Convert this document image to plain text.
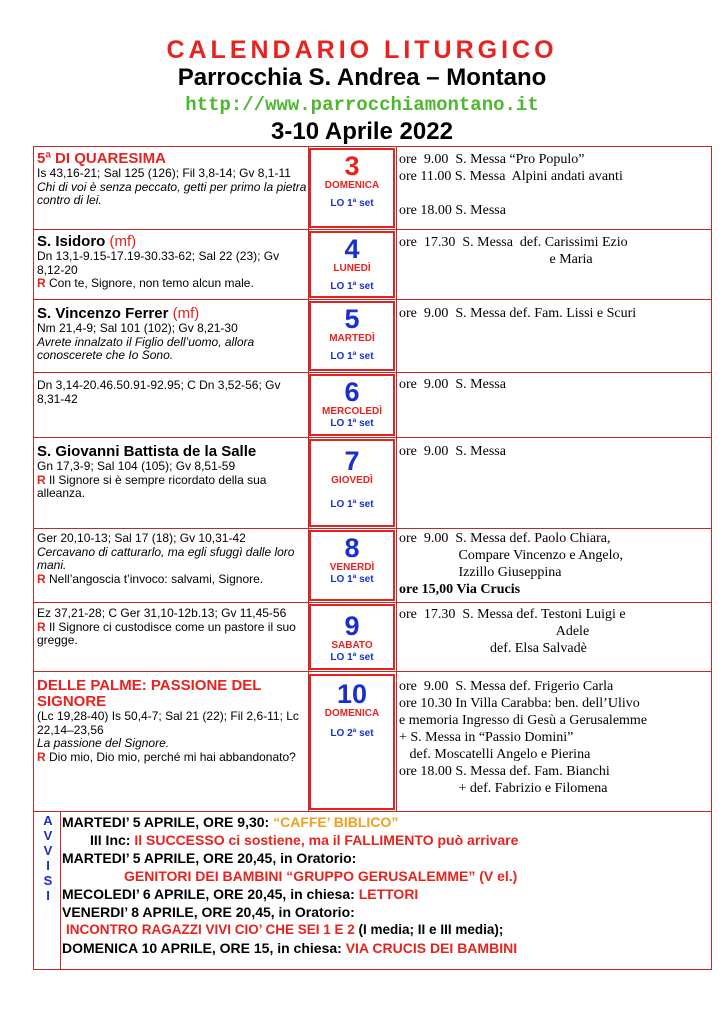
CALENDARIO LITURGICO
Parrocchia S. Andrea – Montano
http://www.parrocchiamontano.it
3-10 Aprile 2022
5ª DI QUARESIMA
Is 43,16-21; Sal 125 (126); Fil 3,8-14; Gv 8,1-11
Chi di voi è senza peccato, getti per primo la pietra contro di lei.
3
DOMENICA
LO 1ª set
ore  9.00  S. Messa “Pro Populo”
ore 11.00 S. Messa  Alpini andati avanti
ore 18.00 S. Messa
S. Isidoro (mf)
Dn 13,1-9.15-17.19-30.33-62; Sal 22 (23); Gv 8,12-20
R Con te, Signore, non temo alcun male.
4
LUNEDÌ
LO 1ª set
ore  17.30  S. Messa  def. Carissimi Ezio
e Maria
S. Vincenzo Ferrer (mf)
Nm 21,4-9; Sal 101 (102); Gv 8,21-30
Avrete innalzato il Figlio dell’uomo, allora conoscerete che Io Sono.
5
MARTEDÌ
LO 1ª set
ore  9.00  S. Messa def. Fam. Lissi e Scuri
Dn 3,14-20.46.50.91-92.95; C Dn 3,52-56; Gv 8,31-42	6
MERCOLEDÌ
LO 1ª set
ore  9.00  S. Messa
S. Giovanni Battista de la Salle
Gn 17,3-9; Sal 104 (105); Gv 8,51-59
R Il Signore si è sempre ricordato della sua alleanza.
7
GIOVEDÌ
LO 1ª set
ore  9.00  S. Messa
Ger 20,10-13; Sal 17 (18); Gv 10,31-42
Cercavano di catturarlo, ma egli sfuggì dalle loro mani.
R Nell’angoscia t’invoco: salvami, Signore.
8
VENERDÌ
LO 1ª set
ore  9.00  S. Messa def. Paolo Chiara,
Compare Vincenzo e Angelo,
Izzillo Giuseppina
ore 15,00 Via Crucis
Ez 37,21-28; C Ger 31,10-12b.13; Gv 11,45-56
R Il Signore ci custodisce come un pastore il suo gregge.	9
SABATO
LO 1ª set
ore  17.30  S. Messa def. Testoni Luigi e
Adele
def. Elsa Salvadè
DELLE PALME: PASSIONE DEL SIGNORE
(Lc 19,28-40) Is 50,4-7; Sal 21 (22); Fil 2,6-11; Lc 22,14–23,56
La passione del Signore.
R Dio mio, Dio mio, perché mi hai abbandonato?
10
DOMENICA
LO 2ª set
ore  9.00  S. Messa def. Frigerio Carla
ore 10.30 In Villa Carabba: ben. dell’Ulivo
e memoria Ingresso di Gesù a Gerusalemme
+ S. Messa in “Passio Domini”
def. Moscatelli Angelo e Pierina
ore 18.00 S. Messa def. Fam. Bianchi
+ def. Fabrizio e Filomena
A
V
V
I
S
I
MARTEDI’ 5 APRILE, ORE 9,30: “CAFFE’ BIBLICO”
III Inc: Il SUCCESSO ci sostiene, ma il FALLIMENTO può arrivare
MARTEDI’ 5 APRILE, ORE 20,45, in Oratorio:
GENITORI DEI BAMBINI “GRUPPO GERUSALEMME” (V el.)
MECOLEDI’ 6 APRILE, ORE 20,45, in chiesa: LETTORI
VENERDI’ 8 APRILE, ORE 20,45, in Oratorio:
INCONTRO RAGAZZI VIVI CIO’ CHE SEI 1 E 2 (I media; II e III media);
DOMENICA 10 APRILE, ORE 15, in chiesa: VIA CRUCIS DEI BAMBINI
